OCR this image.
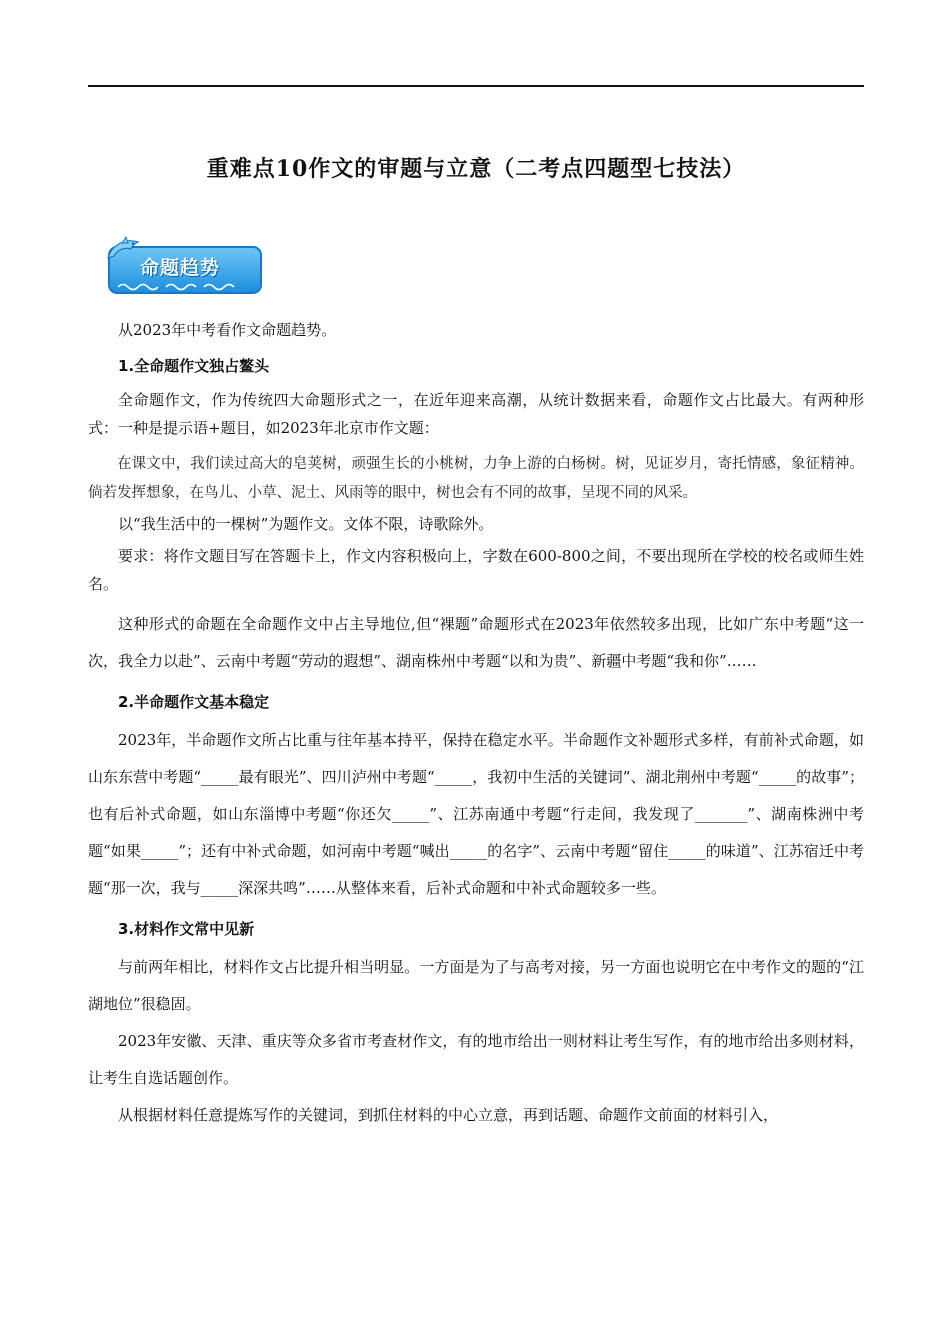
重难点10作文的审题与立意（二考点四题型七技法）
命题趋势

从2023年中考看作文命题趋势。

1.全命题作文独占鳌头

全命题作文，作为传统四大命题形式之一，在近年迎来高潮，从统计数据来看，命题作文占比最大。有两种形式：一种是提示语+题目，如2023年北京市作文题：

在课文中，我们读过高大的皂荚树，顽强生长的小桃树，力争上游的白杨树。树，见证岁月，寄托情感，象征精神。倘若发挥想象，在鸟儿、小草、泥土、风雨等的眼中，树也会有不同的故事，呈现不同的风采。

以“我生活中的一棵树”为题作文。文体不限，诗歌除外。

要求：将作文题目写在答题卡上，作文内容积极向上，字数在600-800之间，不要出现所在学校的校名或师生姓名。

这种形式的命题在全命题作文中占主导地位,但“裸题”命题形式在2023年依然较多出现，比如广东中考题“这一次，我全力以赴”、云南中考题“劳动的遐想”、湖南株州中考题“以和为贵”、新疆中考题“我和你”……

2.半命题作文基本稳定

2023年，半命题作文所占比重与往年基本持平，保持在稳定水平。半命题作文补题形式多样，有前补式命题，如山东东营中考题“_____最有眼光”、四川泸州中考题“_____，我初中生活的关键词”、湖北荆州中考题“_____的故事”；也有后补式命题，如山东淄博中考题“你还欠_____”、江苏南通中考题“行走间，我发现了_______”、湖南株洲中考题“如果_____”；还有中补式命题，如河南中考题“喊出_____的名字”、云南中考题“留住_____的味道”、江苏宿迁中考题“那一次，我与_____深深共鸣”……从整体来看，后补式命题和中补式命题较多一些。

3.材料作文常中见新

与前两年相比，材料作文占比提升相当明显。一方面是为了与高考对接，另一方面也说明它在中考作文的题的“江湖地位”很稳固。

2023年安徽、天津、重庆等众多省市考查材作文，有的地市给出一则材料让考生写作，有的地市给出多则材料，让考生自选话题创作。

从根据材料任意提炼写作的关键词，到抓住材料的中心立意，再到话题、命题作文前面的材料引入，
